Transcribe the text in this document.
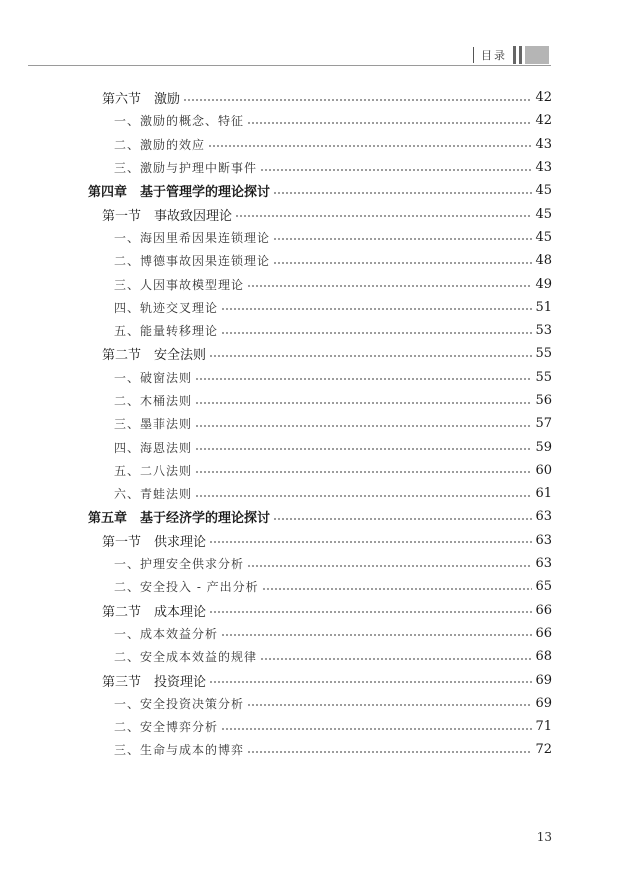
目录
第六节　激励	42
一、激励的概念、特征	42
二、激励的效应	43
三、激励与护理中断事件	43
第四章　基于管理学的理论探讨	45
第一节　事故致因理论	45
一、海因里希因果连锁理论	45
二、博德事故因果连锁理论	48
三、人因事故模型理论	49
四、轨迹交叉理论	51
五、能量转移理论	53
第二节　安全法则	55
一、破窗法则	55
二、木桶法则	56
三、墨菲法则	57
四、海恩法则	59
五、二八法则	60
六、青蛙法则	61
第五章　基于经济学的理论探讨	63
第一节　供求理论	63
一、护理安全供求分析	63
二、安全投入 - 产出分析	65
第二节　成本理论	66
一、成本效益分析	66
二、安全成本效益的规律	68
第三节　投资理论	69
一、安全投资决策分析	69
二、安全博弈分析	71
三、生命与成本的博弈	72
13
